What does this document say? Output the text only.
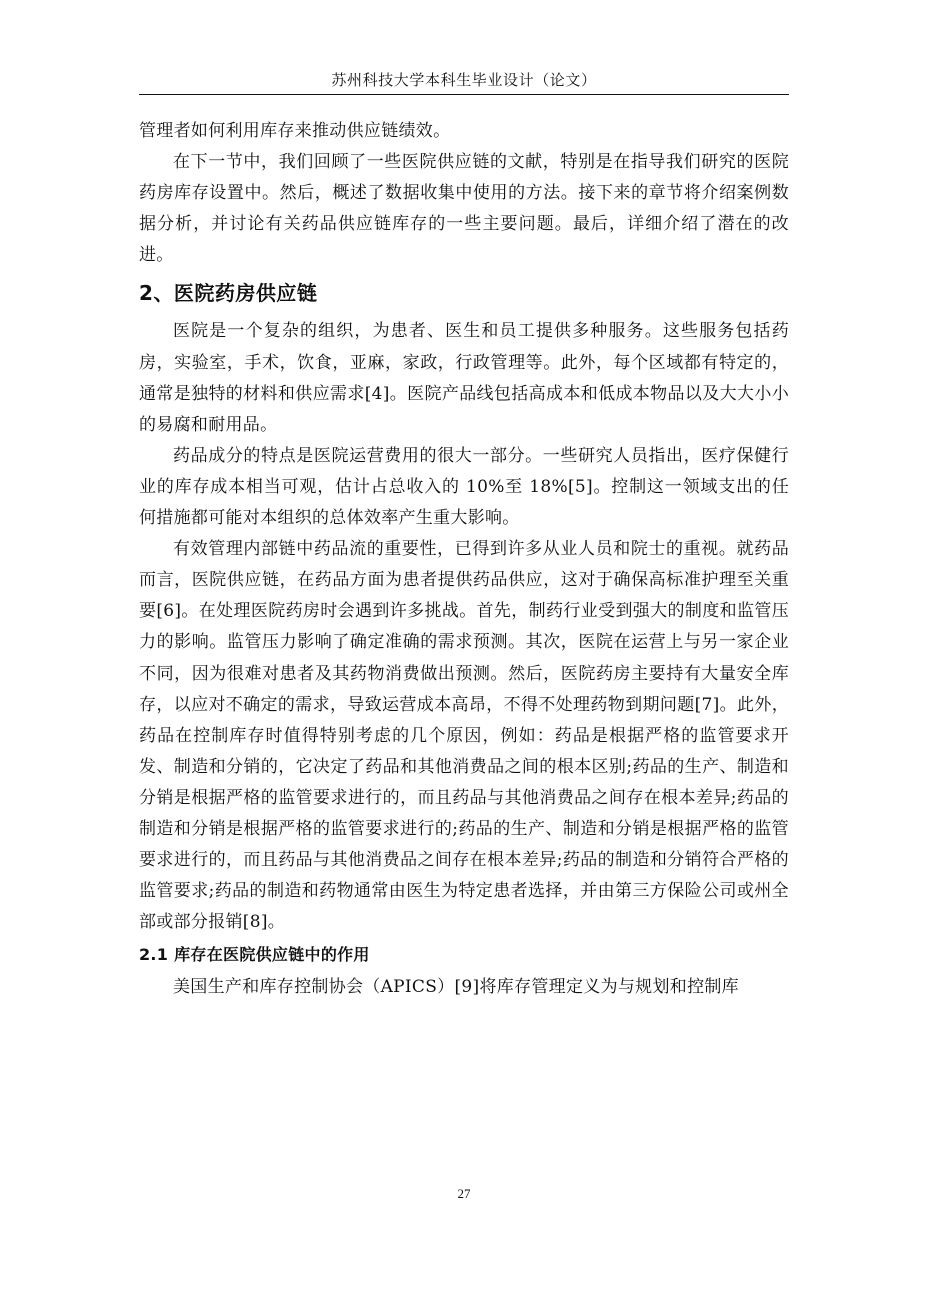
苏州科技大学本科生毕业设计（论文）

管理者如何利用库存来推动供应链绩效。

在下一节中，我们回顾了一些医院供应链的文献，特别是在指导我们研究的医院药房库存设置中。然后，概述了数据收集中使用的方法。接下来的章节将介绍案例数据分析，并讨论有关药品供应链库存的一些主要问题。最后，详细介绍了潜在的改进。

2、医院药房供应链

医院是一个复杂的组织，为患者、医生和员工提供多种服务。这些服务包括药房，实验室，手术，饮食，亚麻，家政，行政管理等。此外，每个区域都有特定的，通常是独特的材料和供应需求[4]。医院产品线包括高成本和低成本物品以及大大小小的易腐和耐用品。

药品成分的特点是医院运营费用的很大一部分。一些研究人员指出，医疗保健行业的库存成本相当可观，估计占总收入的 10%至 18%[5]。控制这一领域支出的任何措施都可能对本组织的总体效率产生重大影响。

有效管理内部链中药品流的重要性，已得到许多从业人员和院士的重视。就药品而言，医院供应链，在药品方面为患者提供药品供应，这对于确保高标准护理至关重要[6]。在处理医院药房时会遇到许多挑战。首先，制药行业受到强大的制度和监管压力的影响。监管压力影响了确定准确的需求预测。其次，医院在运营上与另一家企业不同，因为很难对患者及其药物消费做出预测。然后，医院药房主要持有大量安全库存，以应对不确定的需求，导致运营成本高昂，不得不处理药物到期问题[7]。此外，药品在控制库存时值得特别考虑的几个原因，例如：药品是根据严格的监管要求开发、制造和分销的，它决定了药品和其他消费品之间的根本区别;药品的生产、制造和分销是根据严格的监管要求进行的，而且药品与其他消费品之间存在根本差异;药品的制造和分销是根据严格的监管要求进行的;药品的生产、制造和分销是根据严格的监管要求进行的，而且药品与其他消费品之间存在根本差异;药品的制造和分销符合严格的监管要求;药品的制造和药物通常由医生为特定患者选择，并由第三方保险公司或州全部或部分报销[8]。

2.1 库存在医院供应链中的作用

美国生产和库存控制协会（APICS）[9]将库存管理定义为与规划和控制库

27
